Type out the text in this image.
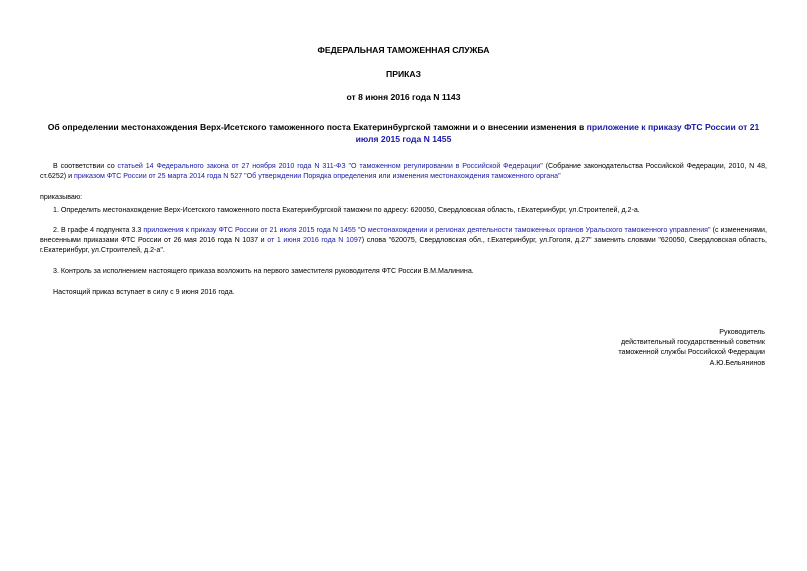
ФЕДЕРАЛЬНАЯ ТАМОЖЕННАЯ СЛУЖБА
ПРИКАЗ
от 8 июня 2016 года N 1143
Об определении местонахождения Верх-Исетского таможенного поста Екатеринбургской таможни и о внесении изменения в приложение к приказу ФТС России от 21 июля 2015 года N 1455
В соответствии со статьей 14 Федерального закона от 27 ноября 2010 года N 311-ФЗ "О таможенном регулировании в Российской Федерации" (Собрание законодательства Российской Федерации, 2010, N 48, ст.6252) и приказом ФТС России от 25 марта 2014 года N 527 "Об утверждении Порядка определения или изменения местонахождения таможенного органа"
приказываю:
1. Определить местонахождение Верх-Исетского таможенного поста Екатеринбургской таможни по адресу: 620050, Свердловская область, г.Екатеринбург, ул.Строителей, д.2-а.
2. В графе 4 подпункта 3.3 приложения к приказу ФТС России от 21 июля 2015 года N 1455 "О местонахождении и регионах деятельности таможенных органов Уральского таможенного управления" (с изменениями, внесенными приказами ФТС России от 26 мая 2016 года N 1037 и от 1 июня 2016 года N 1097) слова "620075, Свердловская обл., г.Екатеринбург, ул.Гоголя, д.27" заменить словами "620050, Свердловская область, г.Екатеринбург, ул.Строителей, д.2-а".
3. Контроль за исполнением настоящего приказа возложить на первого заместителя руководителя ФТС России В.М.Малинина.
Настоящий приказ вступает в силу с 9 июня 2016 года.
Руководитель
действительный государственный советник
таможенной службы Российской Федерации
А.Ю.Бельянинов
